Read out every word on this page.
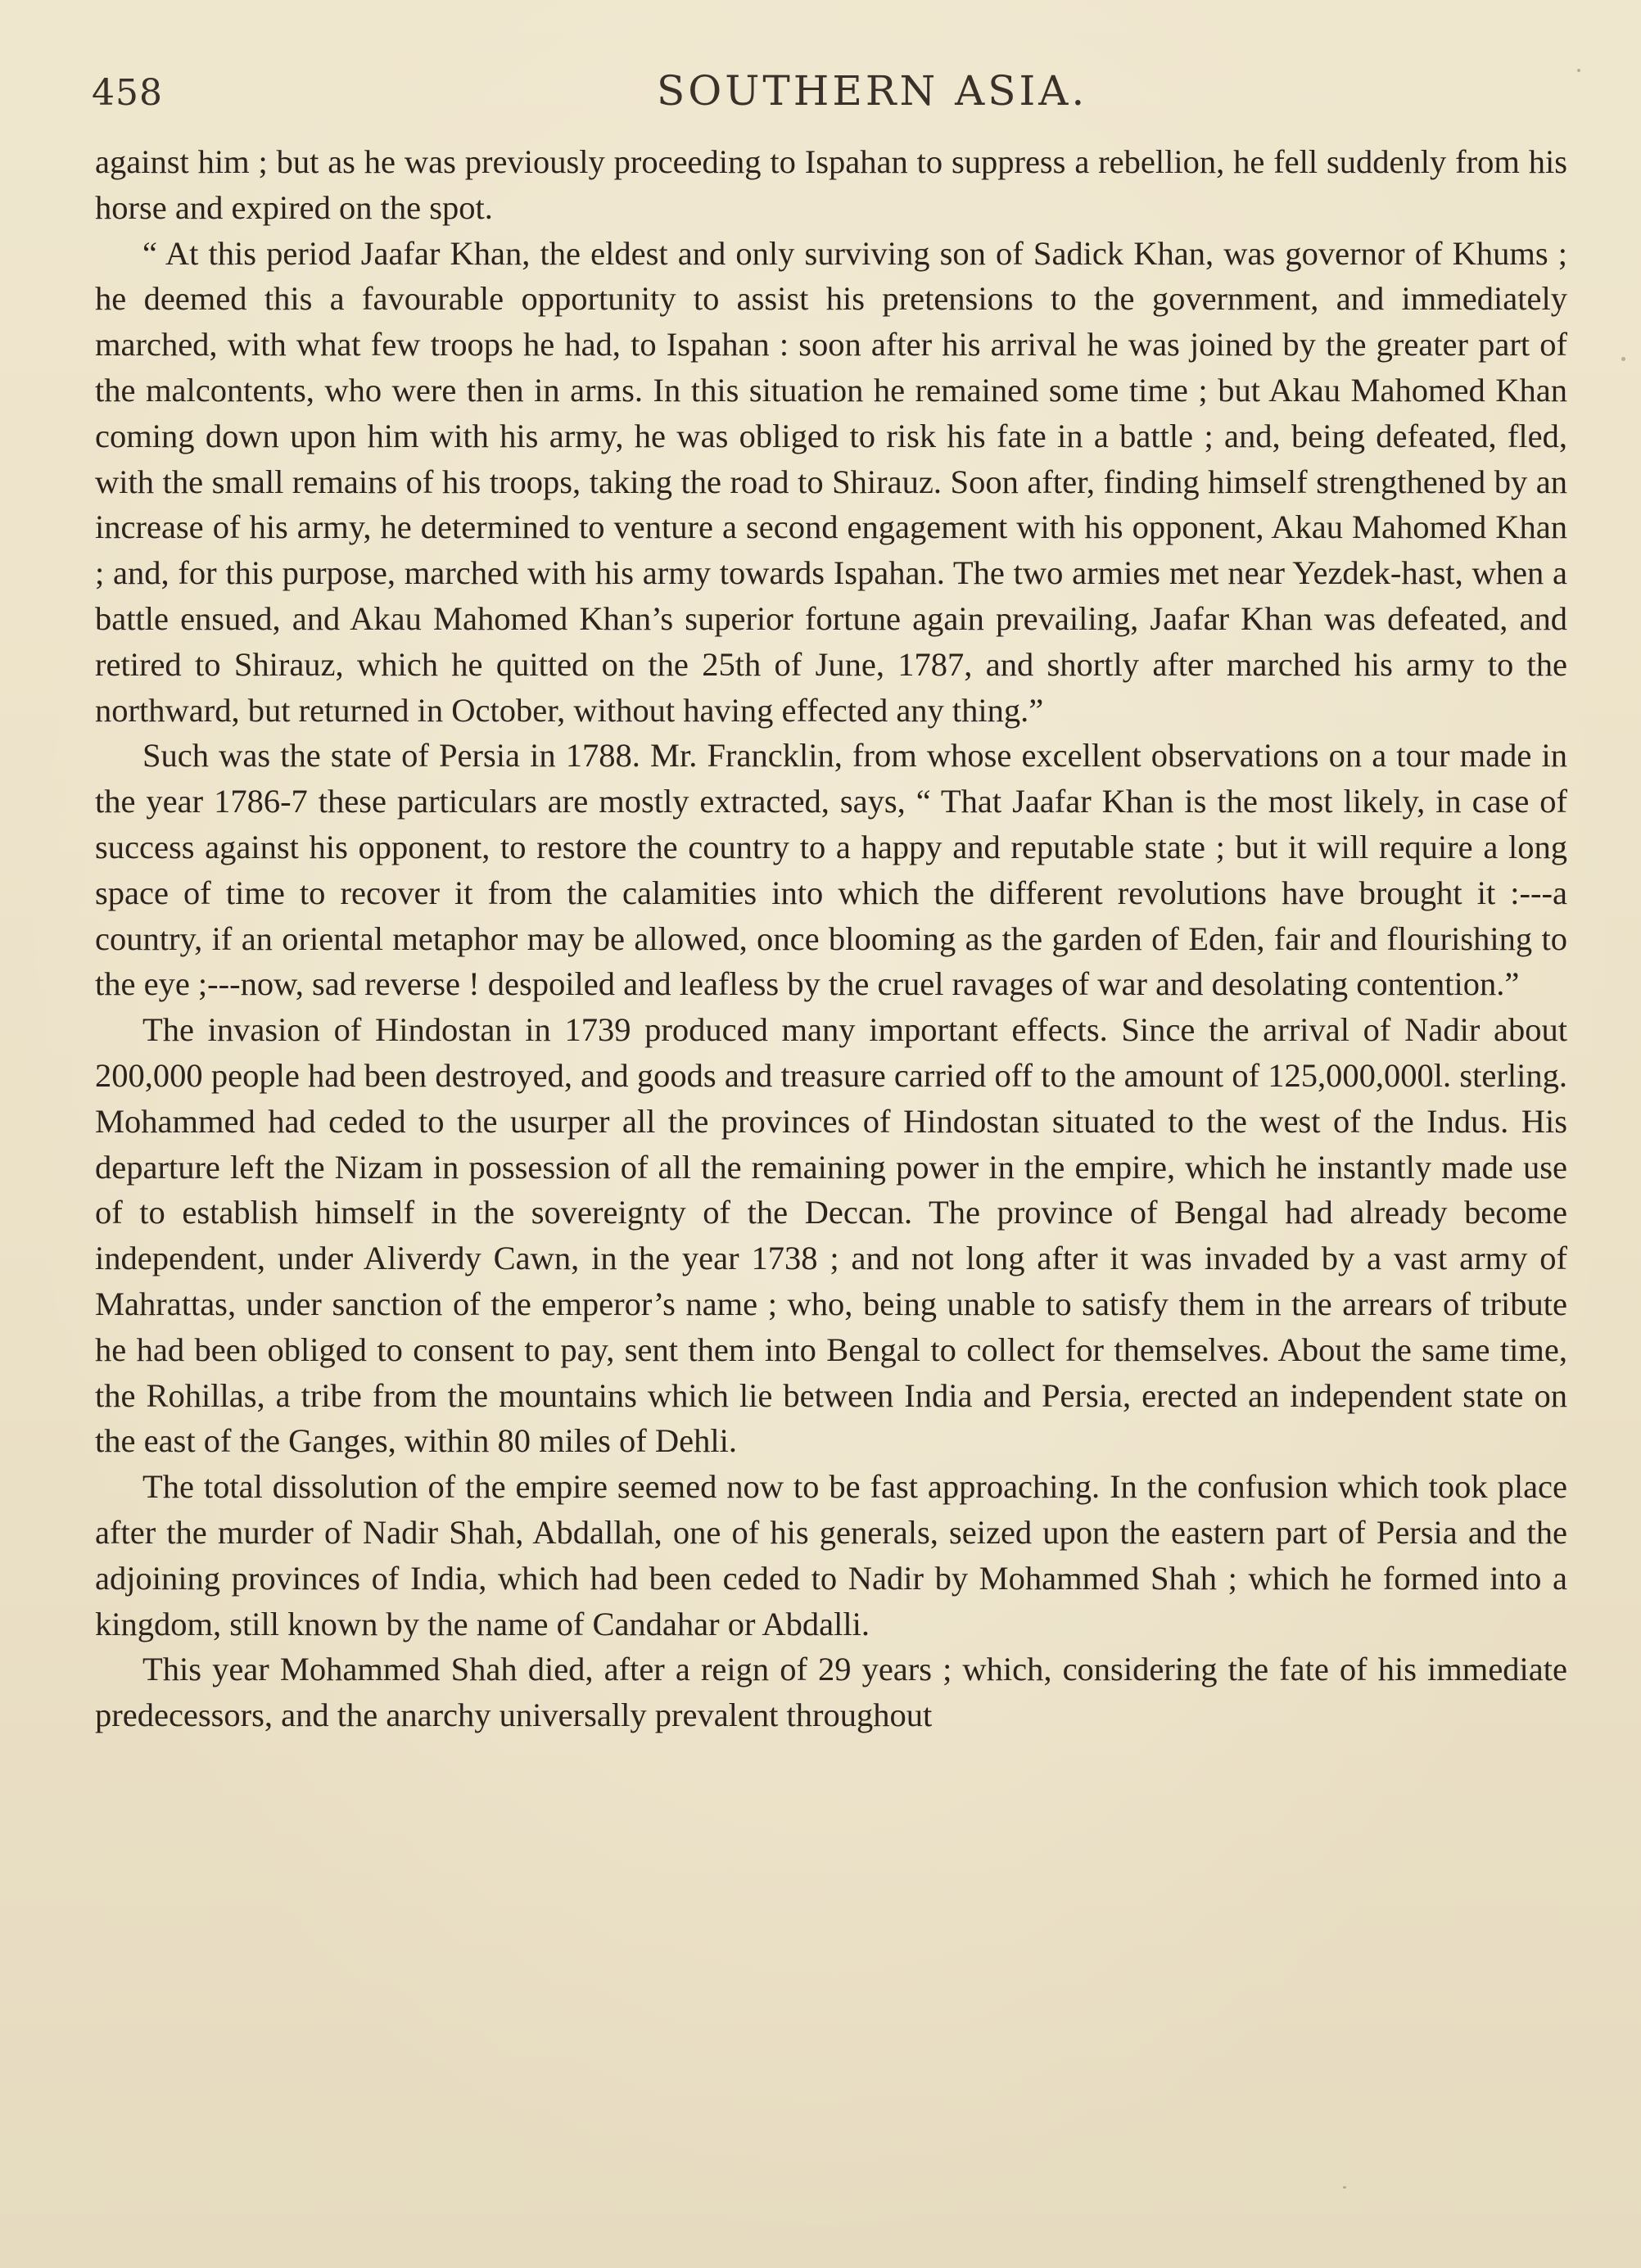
458	SOUTHERN ASIA.

against him ; but as he was previously proceeding to Ispahan to suppress a rebellion, he fell suddenly from his horse and expired on the spot.

“ At this period Jaafar Khan, the eldest and only surviving son of Sadick Khan, was governor of Khums ; he deemed this a favourable opportunity to assist his pretensions to the government, and immediately marched, with what few troops he had, to Ispahan : soon after his arrival he was joined by the greater part of the malcontents, who were then in arms. In this situation he remained some time ; but Akau Mahomed Khan coming down upon him with his army, he was obliged to risk his fate in a battle ; and, being defeated, fled, with the small remains of his troops, taking the road to Shirauz. Soon after, finding himself strengthened by an increase of his army, he determined to venture a second engagement with his opponent, Akau Mahomed Khan ; and, for this purpose, marched with his army towards Ispahan. The two armies met near Yezdek-hast, when a battle ensued, and Akau Mahomed Khan’s superior fortune again prevailing, Jaafar Khan was defeated, and retired to Shirauz, which he quitted on the 25th of June, 1787, and shortly after marched his army to the northward, but returned in October, without having effected any thing.”

Such was the state of Persia in 1788. Mr. Francklin, from whose excellent observations on a tour made in the year 1786-7 these particulars are mostly extracted, says, “ That Jaafar Khan is the most likely, in case of success against his opponent, to restore the country to a happy and reputable state ; but it will require a long space of time to recover it from the calamities into which the different revolutions have brought it :---a country, if an oriental metaphor may be allowed, once blooming as the garden of Eden, fair and flourishing to the eye ;---now, sad reverse ! despoiled and leafless by the cruel ravages of war and desolating contention.”

The invasion of Hindostan in 1739 produced many important effects. Since the arrival of Nadir about 200,000 people had been destroyed, and goods and treasure carried off to the amount of 125,000,000l. sterling. Mohammed had ceded to the usurper all the provinces of Hindostan situated to the west of the Indus. His departure left the Nizam in possession of all the remaining power in the empire, which he instantly made use of to establish himself in the sovereignty of the Deccan. The province of Bengal had already become independent, under Aliverdy Cawn, in the year 1738 ; and not long after it was invaded by a vast army of Mahrattas, under sanction of the emperor’s name ; who, being unable to satisfy them in the arrears of tribute he had been obliged to consent to pay, sent them into Bengal to collect for themselves. About the same time, the Rohillas, a tribe from the mountains which lie between India and Persia, erected an independent state on the east of the Ganges, within 80 miles of Dehli.

The total dissolution of the empire seemed now to be fast approaching. In the confusion which took place after the murder of Nadir Shah, Abdallah, one of his generals, seized upon the eastern part of Persia and the adjoining provinces of India, which had been ceded to Nadir by Mohammed Shah ; which he formed into a kingdom, still known by the name of Candahar or Abdalli.

This year Mohammed Shah died, after a reign of 29 years ; which, considering the fate of his immediate predecessors, and the anarchy universally prevalent throughout
